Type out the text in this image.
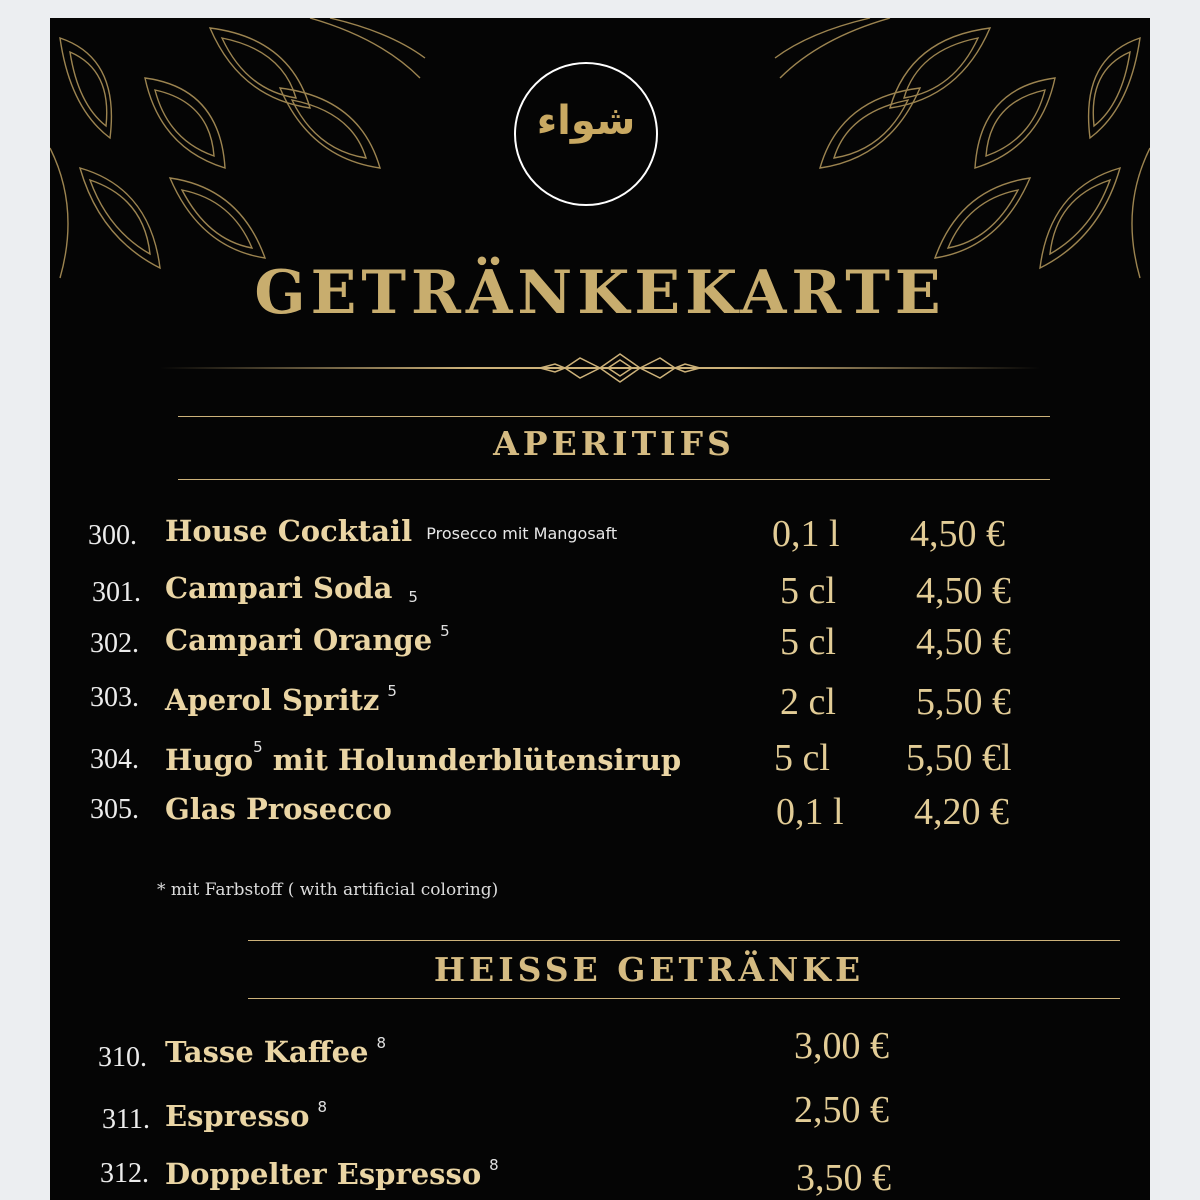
شواء
GETRÄNKEKARTE
APERITIFS
300. House Cocktail Prosecco mit Mangosaft	0,1 l 4,50 €
301. Campari Soda $^5$	5 cl 4,50 €
302. Campari Orange $^5$	5 cl 4,50 €
303. Aperol Spritz $^5$	2 cl 5,50 €
304. Hugo$^5$ mit Holunderblütensirup 5 cl 5,50 €l
305. Glas Prosecco	0,1 l 4,20 €
* mit Farbstoff ( with artificial coloring)
HEISSE GETRÄNKE
310. Tasse Kaffee $^8$	3,00 €
311. Espresso $^8$	2,50 €
312. Doppelter Espresso $^8$	3,50 €
